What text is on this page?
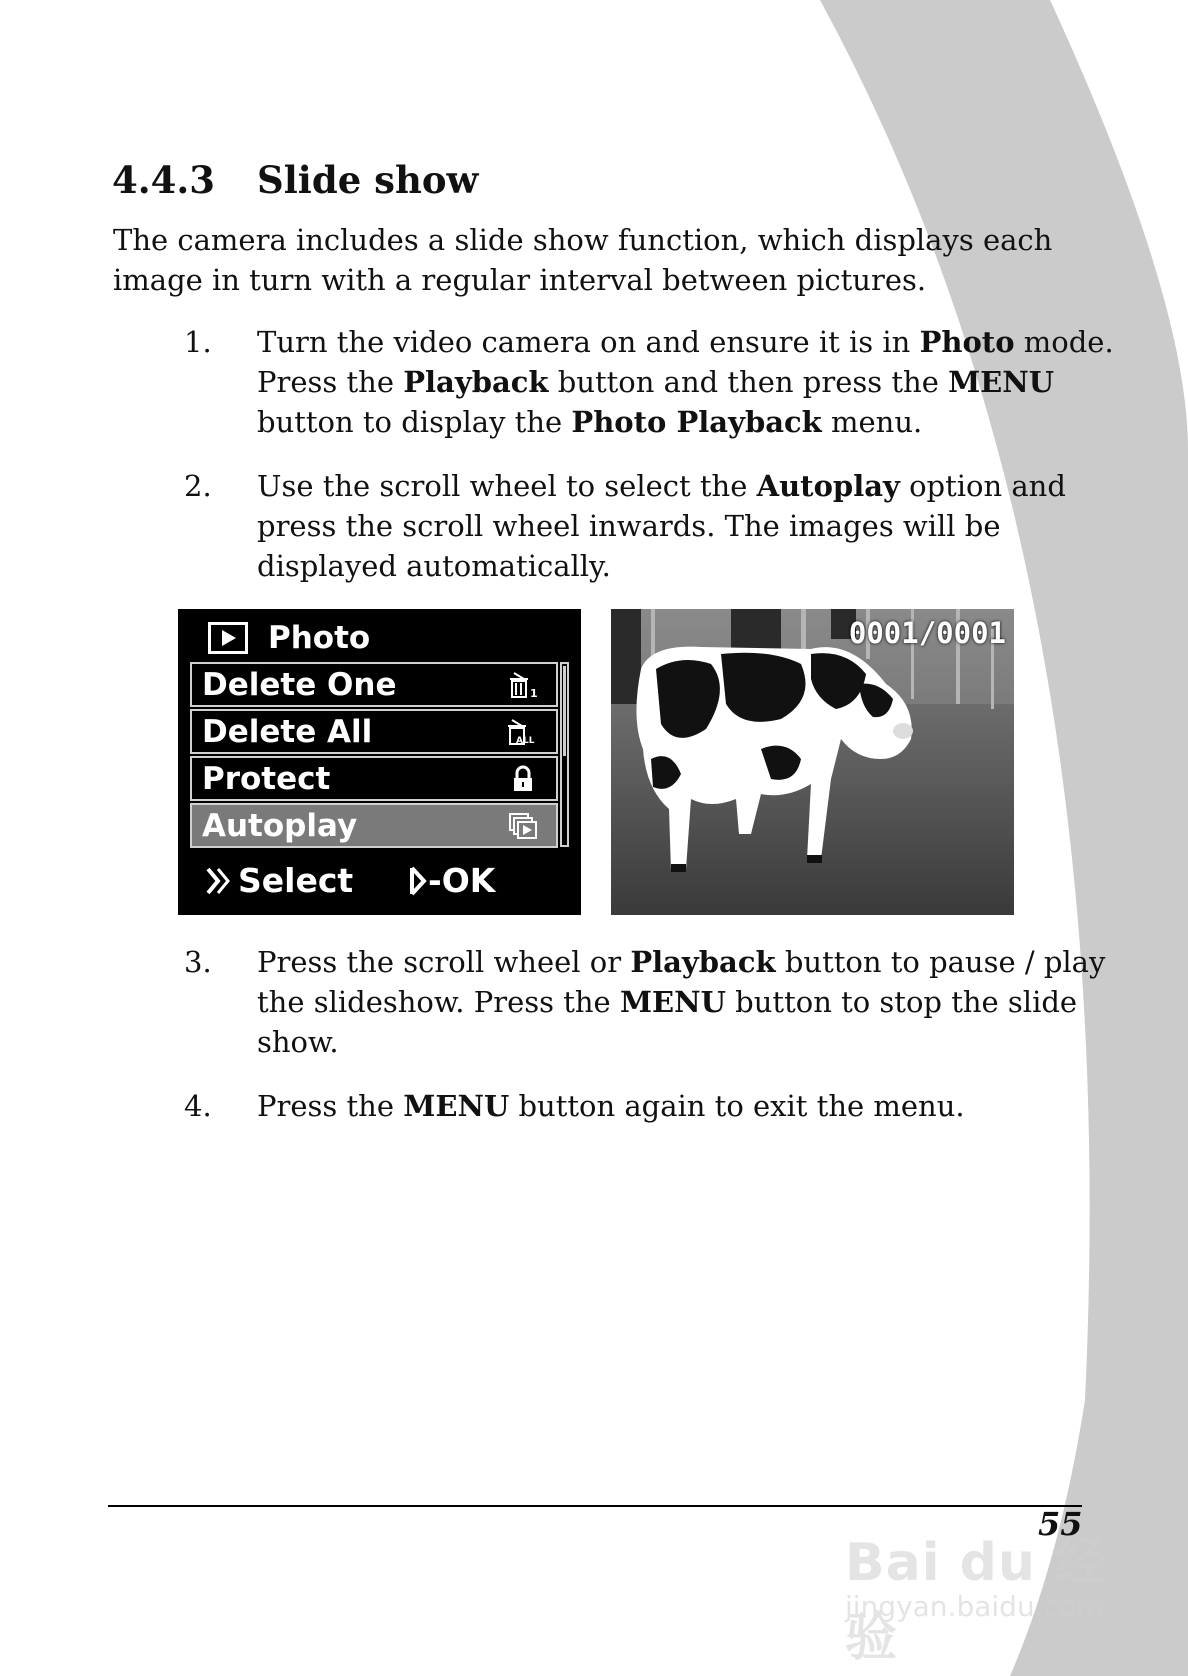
4.4.3 Slide show
The camera includes a slide show function, which displays each
image in turn with a regular interval between pictures.
1. Turn the video camera on and ensure it is in Photo mode.
Press the Playback button and then press the MENU
button to display the Photo Playback menu.
2. Use the scroll wheel to select the Autoplay option and
press the scroll wheel inwards. The images will be
displayed automatically.
Photo
Delete One	1
Delete All	ALL
Protect
Autoplay
Select	-OK
0001/0001
3. Press the scroll wheel or Playback button to pause / play
the slideshow. Press the MENU button to stop the slide
show.
4. Press the MENU button again to exit the menu.
Bai du 经验
jingyan.baidu.com
55
